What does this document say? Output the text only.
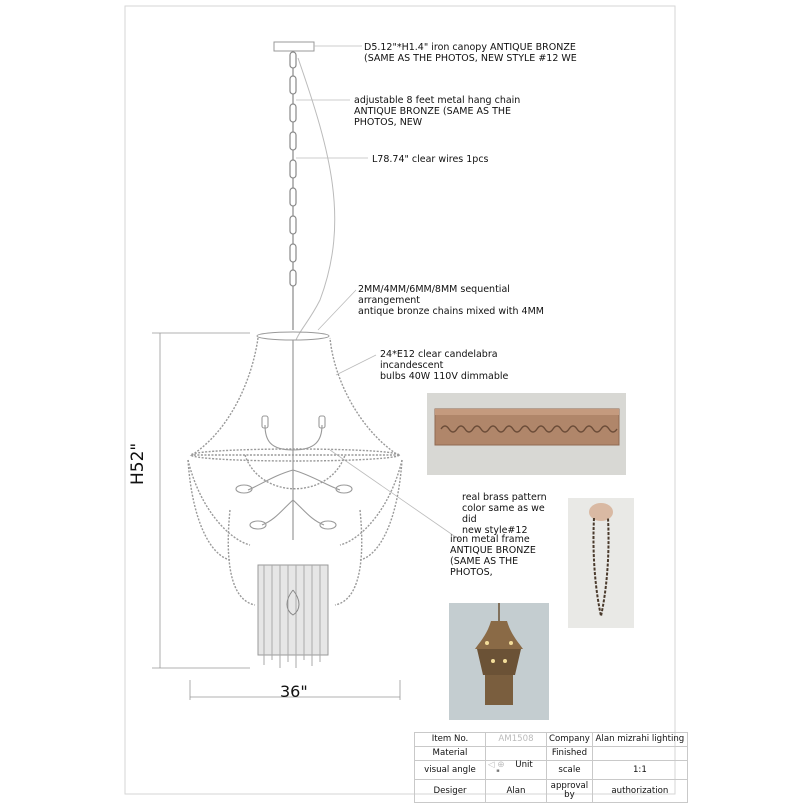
H52"
36"
D5.12"*H1.4" iron canopy ANTIQUE BRONZE
(SAME AS THE PHOTOS, NEW STYLE #12 WE
adjustable 8 feet metal hang chain
ANTIQUE BRONZE (SAME AS THE
PHOTOS, NEW
L78.74" clear wires 1pcs
2MM/4MM/6MM/8MM sequential
arrangement
antique bronze chains mixed with 4MM
24*E12 clear candelabra
incandescent
bulbs 40W 110V dimmable
real brass pattern
color same as we
did
new style#12
iron metal frame
ANTIQUE BRONZE
(SAME AS THE
PHOTOS,
Item No.	AM1508	Company	Alan mizrahi lighting
Material		Finished	
visual angle	◁ ⊕ Unit "	scale	1:1
Desiger	Alan	approval by	authorization
